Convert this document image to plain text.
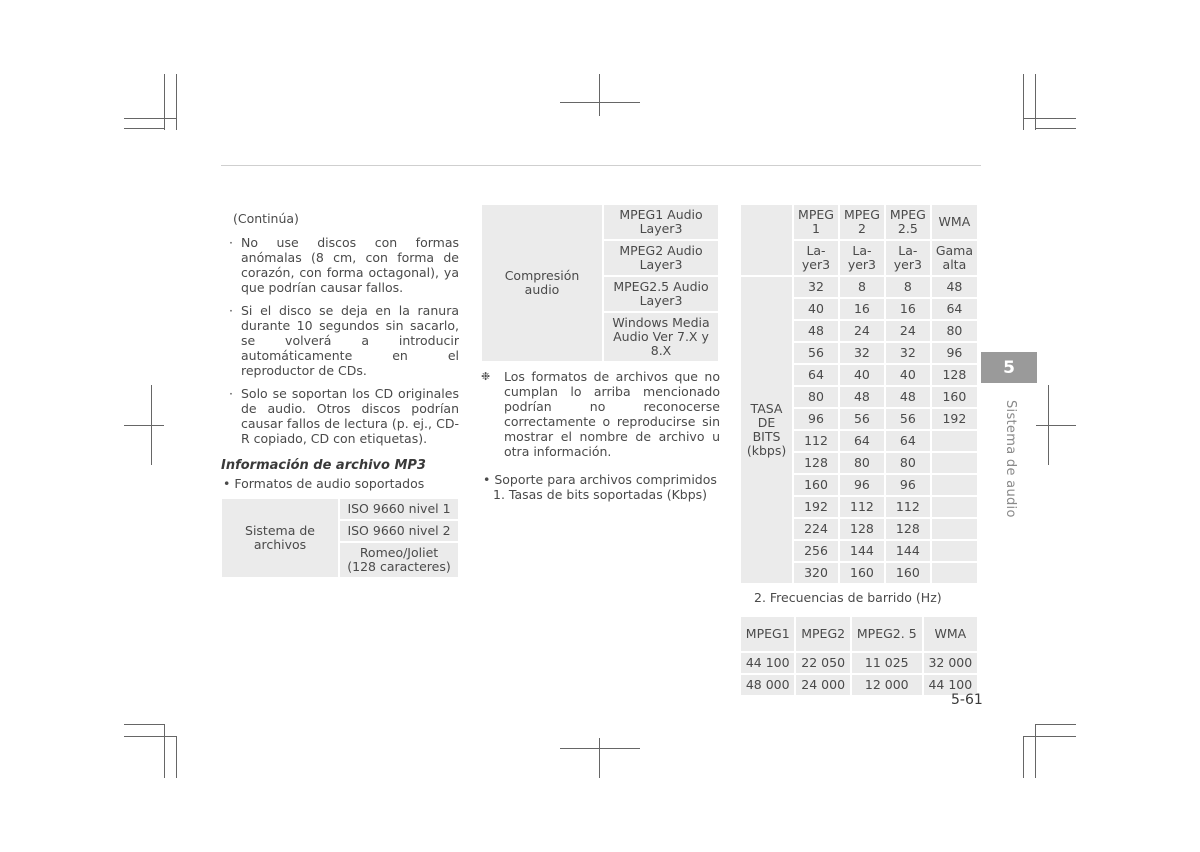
(Continúa)
· No use discos con formas anómalas (8 cm, con forma de corazón, con forma octagonal), ya que podrían causar fallos.
· Si el disco se deja en la ranura durante 10 segundos sin sacarlo, se volverá a introducir automáticamente en el reproductor de CDs.
· Solo se soportan los CD originales de audio. Otros discos podrían causar fallos de lectura (p. ej., CD-R copiado, CD con etiquetas).
Información de archivo MP3
• Formatos de audio soportados
Sistema de archivos	ISO 9660 nivel 1
ISO 9660 nivel 2
Romeo/Joliet (128 caracteres)
Compresión audio	MPEG1 Audio Layer3
MPEG2 Audio Layer3
MPEG2.5 Audio Layer3
Windows Media Audio Ver 7.X y 8.X
❉ Los formatos de archivos que no cumplan lo arriba mencionado podrían no reconocerse correctamente o reproducirse sin mostrar el nombre de archivo u otra información.
• Soporte para archivos comprimidos
1. Tasas de bits soportadas (Kbps)
	MPEG 1	MPEG 2	MPEG 2.5	WMA
	La-yer3	La-yer3	La-yer3	Gama alta
TASA DE BITS (kbps)	32	8	8	48
	40	16	16	64
	48	24	24	80
	56	32	32	96
	64	40	40	128
	80	48	48	160
	96	56	56	192
	112	64	64	
	128	80	80	
	160	96	96	
	192	112	112	
	224	128	128	
	256	144	144	
	320	160	160	
2. Frecuencias de barrido (Hz)
MPEG1	MPEG2	MPEG2. 5	WMA
44 100	22 050	11 025	32 000
48 000	24 000	12 000	44 100
5
Sistema de audio
5-61
